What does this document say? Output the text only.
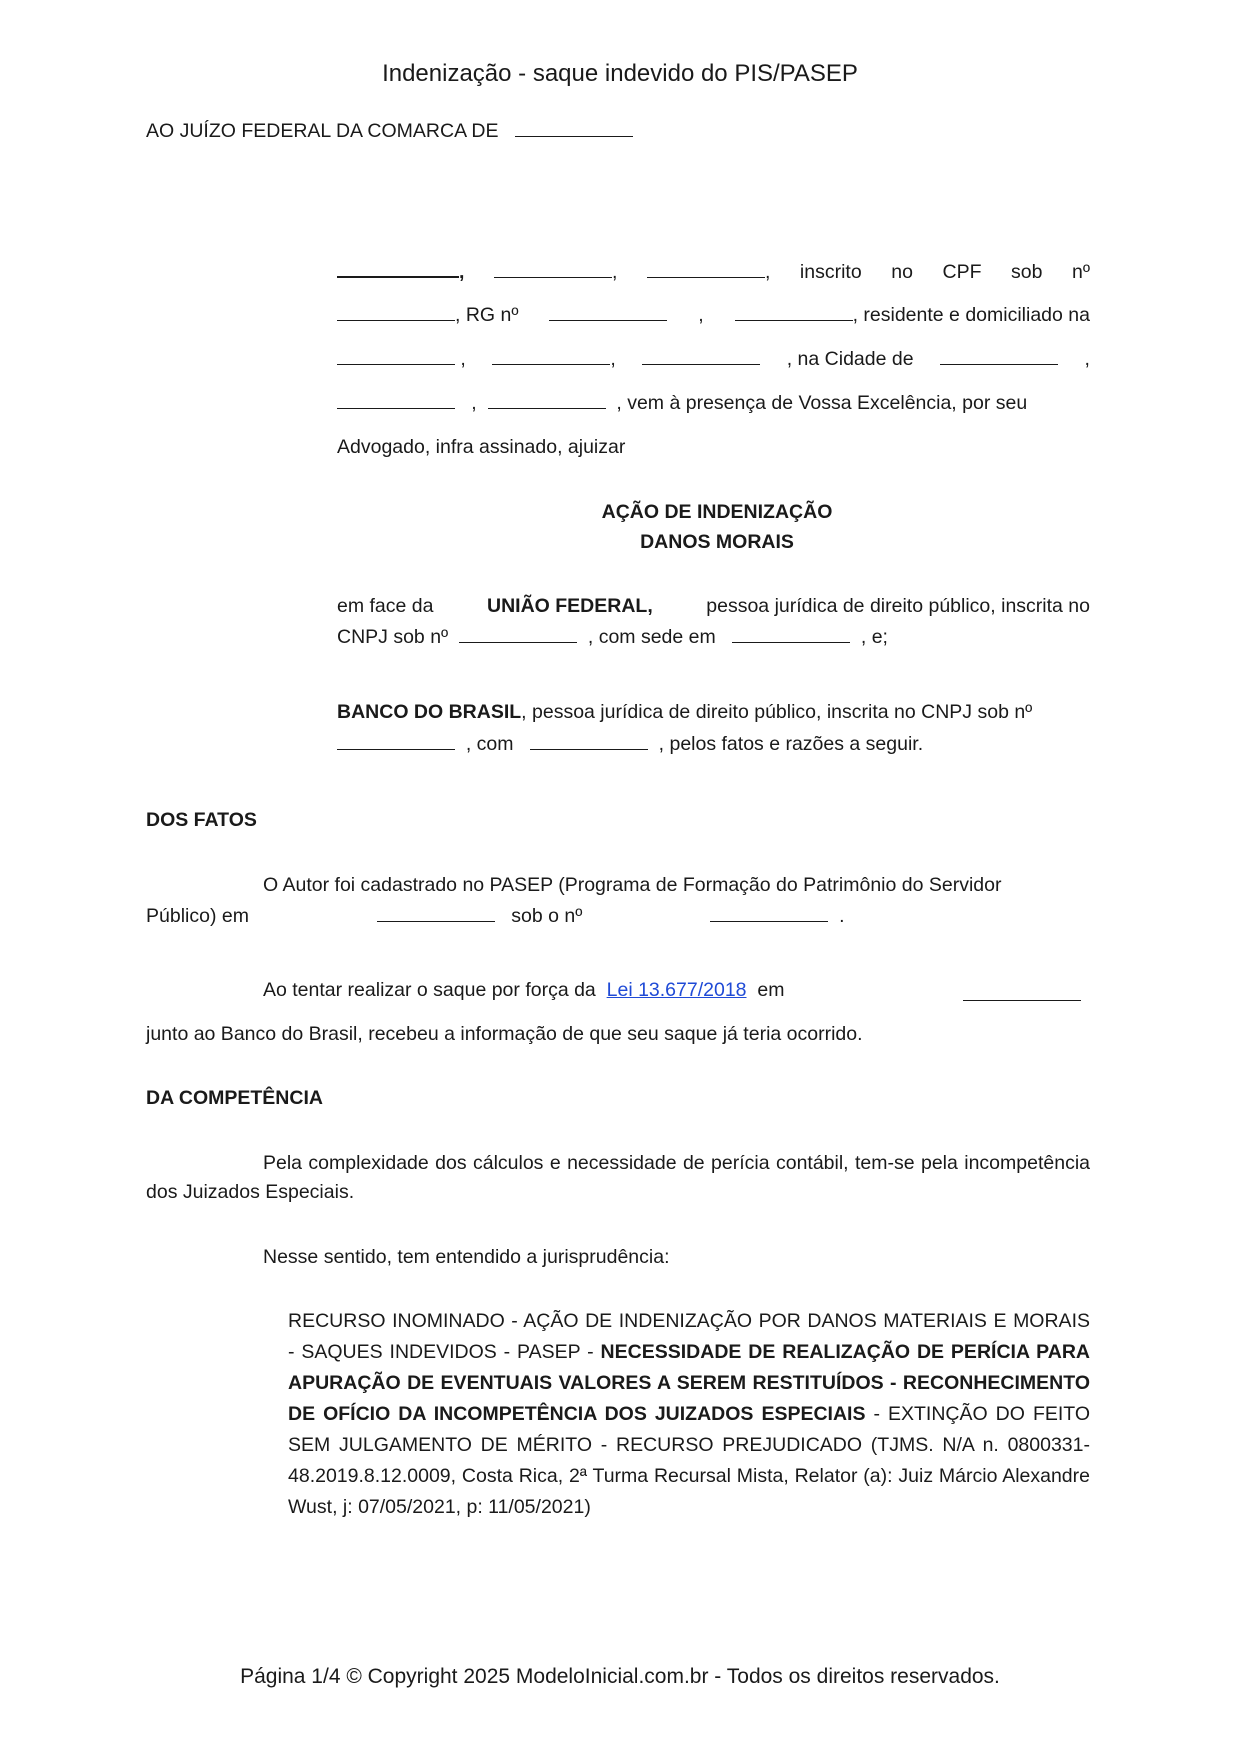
Indenização - saque indevido do PIS/PASEP
AO JUÍZO FEDERAL DA COMARCA DE
,	,	, inscrito no CPF sob nº
, RG nº	,	, residente e domiciliado na
,	,	, na Cidade de	,
,	, vem à presença de Vossa Excelência, por seu
Advogado, infra assinado, ajuizar
AÇÃO DE INDENIZAÇÃO
DANOS MORAIS
em face da	UNIÃO FEDERAL,	pessoa jurídica de direito público, inscrita no
CNPJ sob nº	, com sede em	, e;
BANCO DO BRASIL, pessoa jurídica de direito público, inscrita no CNPJ sob nº
, com	, pelos fatos e razões a seguir.
DOS FATOS
O Autor foi cadastrado no PASEP (Programa de Formação do Patrimônio do Servidor
Público) em	sob o nº	.
Ao tentar realizar o saque por força da Lei 13.677/2018 em
junto ao Banco do Brasil, recebeu a informação de que seu saque já teria ocorrido.
DA COMPETÊNCIA
Pela complexidade dos cálculos e necessidade de perícia contábil, tem-se pela incompetência dos Juizados Especiais.
Nesse sentido, tem entendido a jurisprudência:
RECURSO INOMINADO - AÇÃO DE INDENIZAÇÃO POR DANOS MATERIAIS E MORAIS - SAQUES INDEVIDOS - PASEP - NECESSIDADE DE REALIZAÇÃO DE PERÍCIA PARA APURAÇÃO DE EVENTUAIS VALORES A SEREM RESTITUÍDOS - RECONHECIMENTO DE OFÍCIO DA INCOMPETÊNCIA DOS JUIZADOS ESPECIAIS - EXTINÇÃO DO FEITO SEM JULGAMENTO DE MÉRITO - RECURSO PREJUDICADO (TJMS. N/A n. 0800331-48.2019.8.12.0009, Costa Rica, 2ª Turma Recursal Mista, Relator (a): Juiz Márcio Alexandre Wust, j: 07/05/2021, p: 11/05/2021)
Página 1/4 © Copyright 2025 ModeloInicial.com.br - Todos os direitos reservados.
